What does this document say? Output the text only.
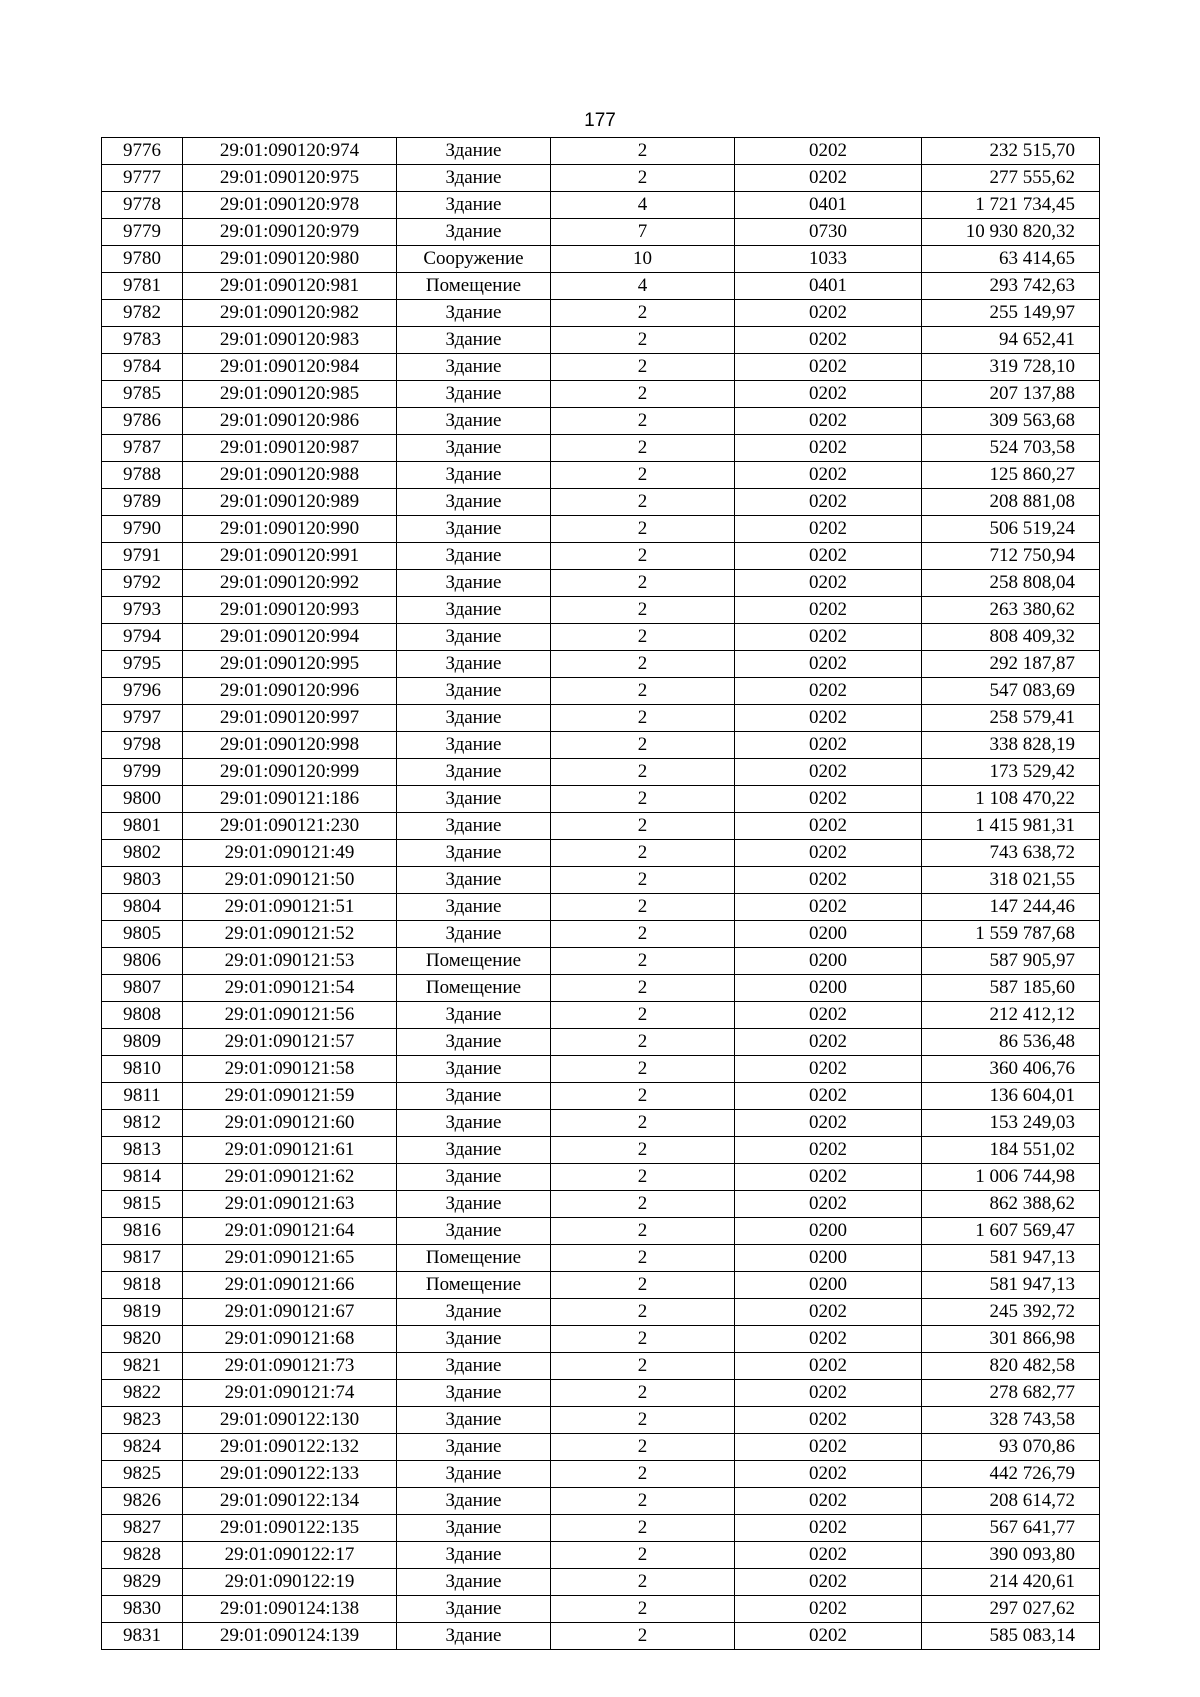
177
9776	29:01:090120:974	Здание	2	0202	232 515,70
9777	29:01:090120:975	Здание	2	0202	277 555,62
9778	29:01:090120:978	Здание	4	0401	1 721 734,45
9779	29:01:090120:979	Здание	7	0730	10 930 820,32
9780	29:01:090120:980	Сооружение	10	1033	63 414,65
9781	29:01:090120:981	Помещение	4	0401	293 742,63
9782	29:01:090120:982	Здание	2	0202	255 149,97
9783	29:01:090120:983	Здание	2	0202	94 652,41
9784	29:01:090120:984	Здание	2	0202	319 728,10
9785	29:01:090120:985	Здание	2	0202	207 137,88
9786	29:01:090120:986	Здание	2	0202	309 563,68
9787	29:01:090120:987	Здание	2	0202	524 703,58
9788	29:01:090120:988	Здание	2	0202	125 860,27
9789	29:01:090120:989	Здание	2	0202	208 881,08
9790	29:01:090120:990	Здание	2	0202	506 519,24
9791	29:01:090120:991	Здание	2	0202	712 750,94
9792	29:01:090120:992	Здание	2	0202	258 808,04
9793	29:01:090120:993	Здание	2	0202	263 380,62
9794	29:01:090120:994	Здание	2	0202	808 409,32
9795	29:01:090120:995	Здание	2	0202	292 187,87
9796	29:01:090120:996	Здание	2	0202	547 083,69
9797	29:01:090120:997	Здание	2	0202	258 579,41
9798	29:01:090120:998	Здание	2	0202	338 828,19
9799	29:01:090120:999	Здание	2	0202	173 529,42
9800	29:01:090121:186	Здание	2	0202	1 108 470,22
9801	29:01:090121:230	Здание	2	0202	1 415 981,31
9802	29:01:090121:49	Здание	2	0202	743 638,72
9803	29:01:090121:50	Здание	2	0202	318 021,55
9804	29:01:090121:51	Здание	2	0202	147 244,46
9805	29:01:090121:52	Здание	2	0200	1 559 787,68
9806	29:01:090121:53	Помещение	2	0200	587 905,97
9807	29:01:090121:54	Помещение	2	0200	587 185,60
9808	29:01:090121:56	Здание	2	0202	212 412,12
9809	29:01:090121:57	Здание	2	0202	86 536,48
9810	29:01:090121:58	Здание	2	0202	360 406,76
9811	29:01:090121:59	Здание	2	0202	136 604,01
9812	29:01:090121:60	Здание	2	0202	153 249,03
9813	29:01:090121:61	Здание	2	0202	184 551,02
9814	29:01:090121:62	Здание	2	0202	1 006 744,98
9815	29:01:090121:63	Здание	2	0202	862 388,62
9816	29:01:090121:64	Здание	2	0200	1 607 569,47
9817	29:01:090121:65	Помещение	2	0200	581 947,13
9818	29:01:090121:66	Помещение	2	0200	581 947,13
9819	29:01:090121:67	Здание	2	0202	245 392,72
9820	29:01:090121:68	Здание	2	0202	301 866,98
9821	29:01:090121:73	Здание	2	0202	820 482,58
9822	29:01:090121:74	Здание	2	0202	278 682,77
9823	29:01:090122:130	Здание	2	0202	328 743,58
9824	29:01:090122:132	Здание	2	0202	93 070,86
9825	29:01:090122:133	Здание	2	0202	442 726,79
9826	29:01:090122:134	Здание	2	0202	208 614,72
9827	29:01:090122:135	Здание	2	0202	567 641,77
9828	29:01:090122:17	Здание	2	0202	390 093,80
9829	29:01:090122:19	Здание	2	0202	214 420,61
9830	29:01:090124:138	Здание	2	0202	297 027,62
9831	29:01:090124:139	Здание	2	0202	585 083,14
